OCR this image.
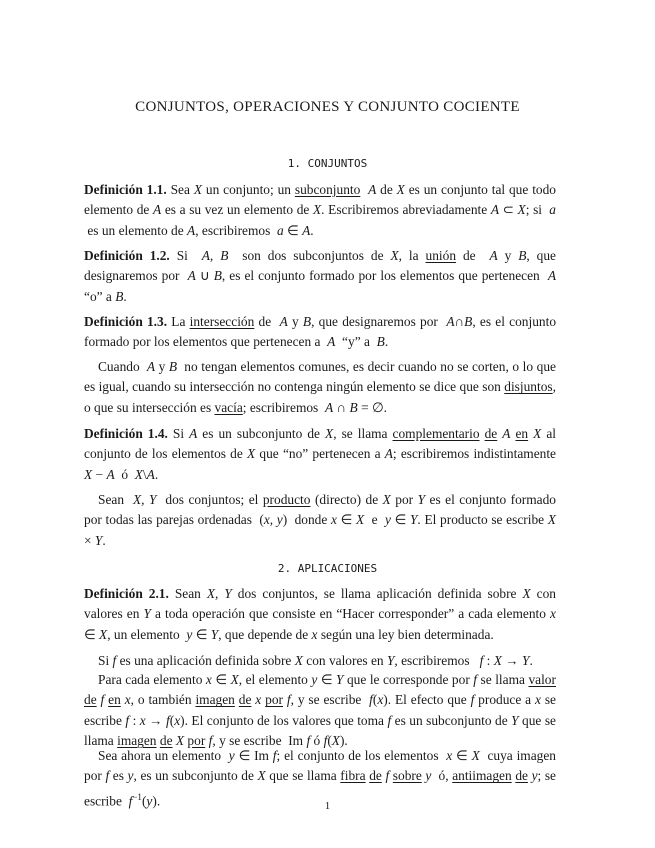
CONJUNTOS, OPERACIONES Y CONJUNTO COCIENTE
1. CONJUNTOS
Definición 1.1. Sea X un conjunto; un subconjunto A de X es un conjunto tal que todo elemento de A es a su vez un elemento de X. Escribiremos abreviadamente A ⊂ X; si  a  es un elemento de A, escribiremos  a ∈ A.
Definición 1.2. Si  A, B  son dos subconjuntos de X, la unión de  A y B, que designaremos por  A ∪ B, es el conjunto formado por los elementos que pertenecen  A “o” a B.
Definición 1.3. La intersección de  A y B, que designaremos por  A∩B, es el conjunto formado por los elementos que pertenecen a  A  “y” a  B.
Cuando  A y B  no tengan elementos comunes, es decir cuando no se corten, o lo que es igual, cuando su intersección no contenga ningún elemento se dice que son disjuntos, o que su intersección es vacía; escribiremos  A ∩ B = ∅.
Definición 1.4. Si A es un subconjunto de X, se llama complementario de A en X al conjunto de los elementos de X que “no” pertenecen a A; escribiremos indistintamente X − A  ó  X\A.
Sean  X, Y  dos conjuntos; el producto (directo) de X por Y es el conjunto formado por todas las parejas ordenadas  (x, y)  donde x ∈ X  e  y ∈ Y. El producto se escribe X × Y.
2. APLICACIONES
Definición 2.1. Sean X, Y dos conjuntos, se llama aplicación definida sobre X con valores en Y a toda operación que consiste en “Hacer corresponder” a cada elemento x ∈ X, un elemento  y ∈ Y, que depende de x según una ley bien determinada.
Si f es una aplicación definida sobre X con valores en Y, escribiremos   f : X → Y.
Para cada elemento x ∈ X, el elemento y ∈ Y que le corresponde por f se llama valor de f en x, o también imagen de x por f, y se escribe  f(x). El efecto que f produce a x se escribe f : x → f(x). El conjunto de los valores que toma f es un subconjunto de Y que se llama imagen de X por f, y se escribe  Im f ó f(X).
Sea ahora un elemento  y ∈ Im f; el conjunto de los elementos  x ∈ X  cuya imagen por f es y, es un subconjunto de X que se llama fibra de f sobre y  ó, antiimagen de y; se escribe  $f^{-1}(y)$.	1
